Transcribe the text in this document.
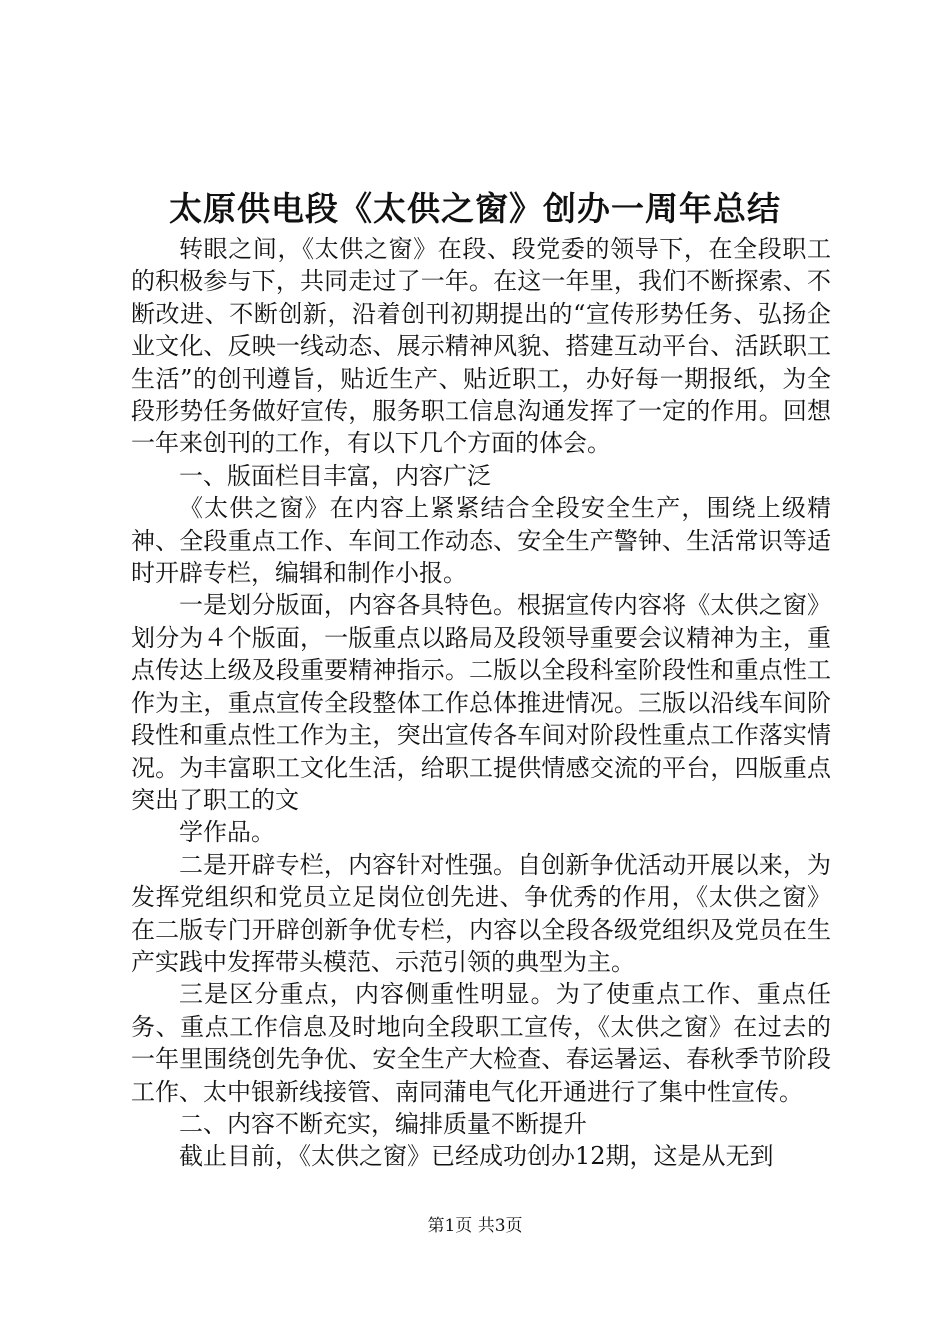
太原供电段《太供之窗》创办一周年总结

转眼之间，《太供之窗》在段、段党委的领导下，在全段职工的积极参与下，共同走过了一年。在这一年里，我们不断探索、不断改进、不断创新，沿着创刊初期提出的“宣传形势任务、弘扬企业文化、反映一线动态、展示精神风貌、搭建互动平台、活跃职工生活”的创刊遵旨，贴近生产、贴近职工，办好每一期报纸，为全段形势任务做好宣传，服务职工信息沟通发挥了一定的作用。回想一年来创刊的工作，有以下几个方面的体会。

一、版面栏目丰富，内容广泛

《太供之窗》在内容上紧紧结合全段安全生产，围绕上级精神、全段重点工作、车间工作动态、安全生产警钟、生活常识等适时开辟专栏，编辑和制作小报。

一是划分版面，内容各具特色。根据宣传内容将《太供之窗》划分为４个版面，一版重点以路局及段领导重要会议精神为主，重点传达上级及段重要精神指示。二版以全段科室阶段性和重点性工作为主，重点宣传全段整体工作总体推进情况。三版以沿线车间阶段性和重点性工作为主，突出宣传各车间对阶段性重点工作落实情况。为丰富职工文化生活，给职工提供情感交流的平台，四版重点突出了职工的文

学作品。

二是开辟专栏，内容针对性强。自创新争优活动开展以来，为发挥党组织和党员立足岗位创先进、争优秀的作用，《太供之窗》在二版专门开辟创新争优专栏，内容以全段各级党组织及党员在生产实践中发挥带头模范、示范引领的典型为主。

三是区分重点，内容侧重性明显。为了使重点工作、重点任务、重点工作信息及时地向全段职工宣传，《太供之窗》在过去的一年里围绕创先争优、安全生产大检查、春运暑运、春秋季节阶段工作、太中银新线接管、南同蒲电气化开通进行了集中性宣传。

二、内容不断充实，编排质量不断提升

截止目前，《太供之窗》已经成功创办12期，这是从无到

第1页 共3页
